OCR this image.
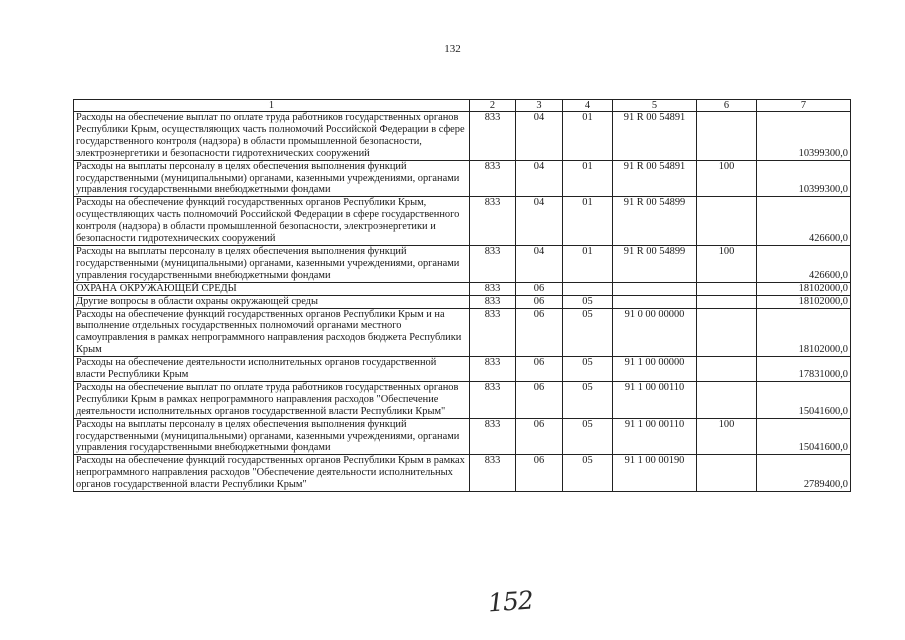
132
1	2	3	4	5	6	7
Расходы на обеспечение выплат по оплате труда работников государственных органов Республики Крым, осуществляющих часть полномочий Российской Федерации в сфере государственного контроля (надзора) в области промышленной безопасности, электроэнергетики и безопасности гидротехнических сооружений	833	04	01	91 R 00 54891		10399300,0
Расходы на выплаты персоналу в целях обеспечения выполнения функций государственными (муниципальными) органами, казенными учреждениями, органами управления государственными внебюджетными фондами	833	04	01	91 R 00 54891	100	10399300,0
Расходы на обеспечение функций государственных органов Республики Крым, осуществляющих часть полномочий Российской Федерации в сфере государственного контроля (надзора) в области промышленной безопасности, электроэнергетики и безопасности гидротехнических сооружений	833	04	01	91 R 00 54899		426600,0
Расходы на выплаты персоналу в целях обеспечения выполнения функций государственными (муниципальными) органами, казенными учреждениями, органами управления государственными внебюджетными фондами	833	04	01	91 R 00 54899	100	426600,0
ОХРАНА ОКРУЖАЮЩЕЙ СРЕДЫ	833	06				18102000,0
Другие вопросы в области охраны окружающей среды	833	06	05			18102000,0
Расходы на обеспечение функций государственных органов Республики Крым и на выполнение отдельных государственных полномочий органами местного самоуправления в рамках непрограммного направления расходов бюджета Республики Крым	833	06	05	91 0 00 00000		18102000,0
Расходы на обеспечение деятельности исполнительных органов государственной власти Республики Крым	833	06	05	91 1 00 00000		17831000,0
Расходы на обеспечение выплат по оплате труда работников государственных органов Республики Крым в рамках непрограммного направления расходов "Обеспечение деятельности исполнительных органов государственной власти Республики Крым"	833	06	05	91 1 00 00110		15041600,0
Расходы на выплаты персоналу в целях обеспечения выполнения функций государственными (муниципальными) органами, казенными учреждениями, органами управления государственными внебюджетными фондами	833	06	05	91 1 00 00110	100	15041600,0
Расходы на обеспечение функций государственных органов Республики Крым в рамках непрограммного направления расходов "Обеспечение деятельности исполнительных органов государственной власти Республики Крым"	833	06	05	91 1 00 00190		2789400,0
152
